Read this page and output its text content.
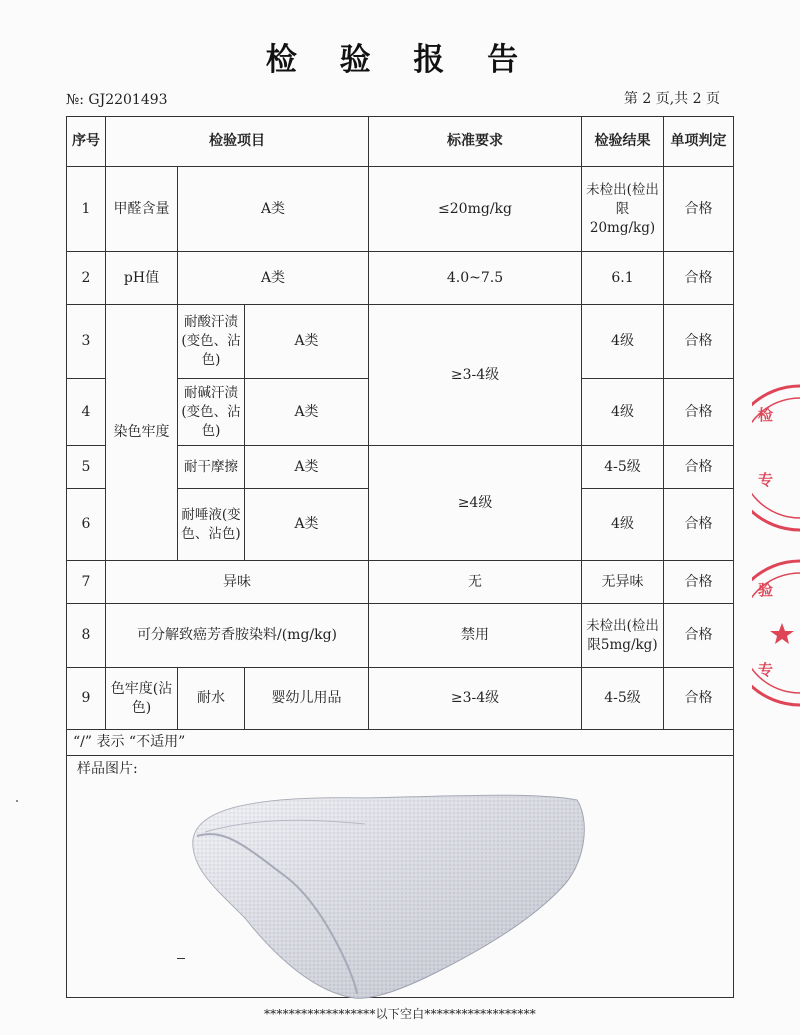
检 验 报 告
№: GJ2201493	第 2 页,共 2 页
序号	检验项目			标准要求	检验结果	单项判定
1	甲醛含量	A类		≤20mg/kg	未检出(检出限20mg/kg)	合格
2	pH值	A类		4.0~7.5	6.1	合格
3	染色牢度	耐酸汗渍(变色、沾色)	A类	≥3-4级	4级	合格
4		耐碱汗渍(变色、沾色)	A类		4级	合格
5		耐干摩擦	A类	≥4级	4-5级	合格
6		耐唾液(变色、沾色)	A类		4级	合格
7	异味			无	无异味	合格
8	可分解致癌芳香胺染料/(mg/kg)			禁用	未检出(检出限5mg/kg)	合格
9	色牢度(沾色)	耐水	婴幼儿用品	≥3-4级	4-5级	合格
“/” 表示 “不适用”						

样品图片:						
******************以下空白******************
检
专
验
专
